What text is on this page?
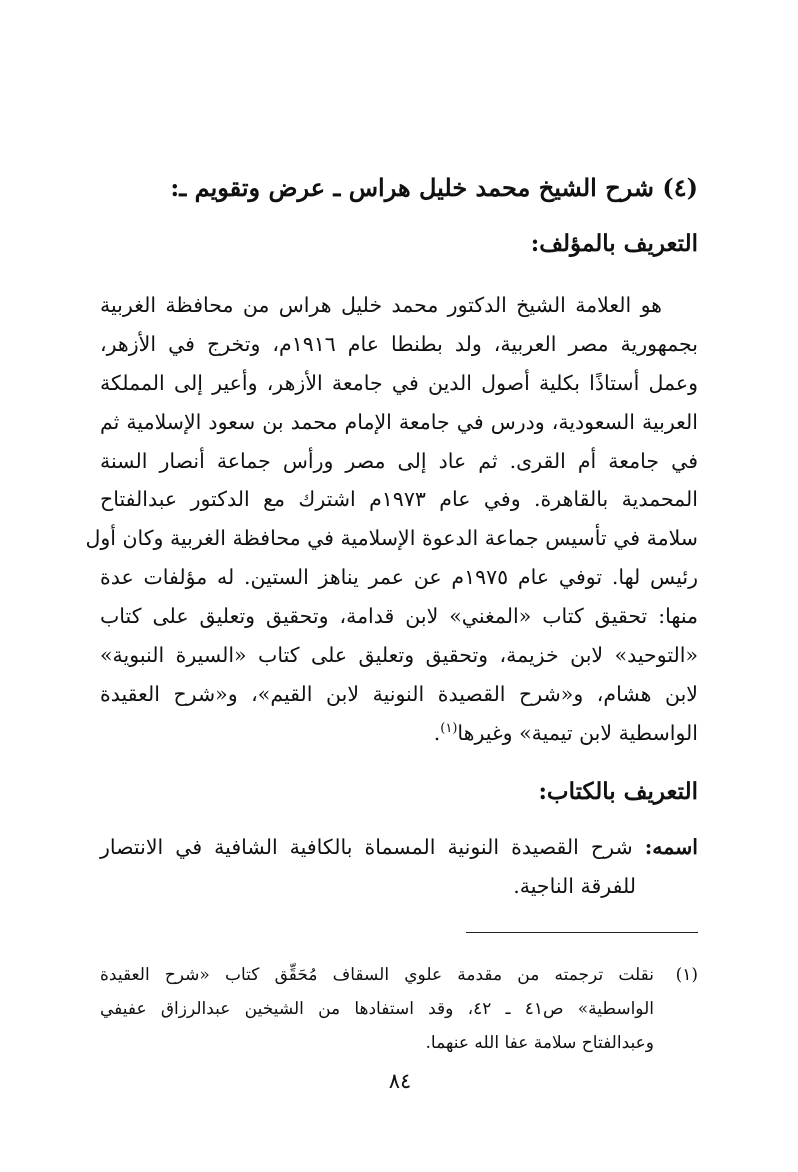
(٤) شرح الشيخ محمد خليل هراس ـ عرض وتقويم ـ:
التعريف بالمؤلف:
هو العلامة الشيخ الدكتور محمد خليل هراس من محافظة الغربية
بجمهورية مصر العربية، ولد بطنطا عام ١٩١٦م، وتخرج في الأزهر،
وعمل أستاذًا بكلية أصول الدين في جامعة الأزهر، وأعير إلى المملكة
العربية السعودية، ودرس في جامعة الإمام محمد بن سعود الإسلامية ثم
في جامعة أم القرى. ثم عاد إلى مصر ورأس جماعة أنصار السنة
المحمدية بالقاهرة. وفي عام ١٩٧٣م اشترك مع الدكتور عبدالفتاح
سلامة في تأسيس جماعة الدعوة الإسلامية في محافظة الغربية وكان أول
رئيس لها. توفي عام ١٩٧٥م عن عمر يناهز الستين. له مؤلفات عدة
منها: تحقيق كتاب «المغني» لابن قدامة، وتحقيق وتعليق على كتاب
«التوحيد» لابن خزيمة، وتحقيق وتعليق على كتاب «السيرة النبوية»
لابن هشام، و«شرح القصيدة النونية لابن القيم»، و«شرح العقيدة
الواسطية لابن تيمية» وغيرها$^{(١)}$.
التعريف بالكتاب:
اسمه: شرح القصيدة النونية المسماة بالكافية الشافية في الانتصار
للفرقة الناجية.
(١)نقلت ترجمته من مقدمة علوي السقاف مُحَقِّق كتاب «شرح العقيدة
الواسطية» ص٤١ ـ ٤٢، وقد استفادها من الشيخين عبدالرزاق عفيفي
وعبدالفتاح سلامة عفا الله عنهما.
٨٤
